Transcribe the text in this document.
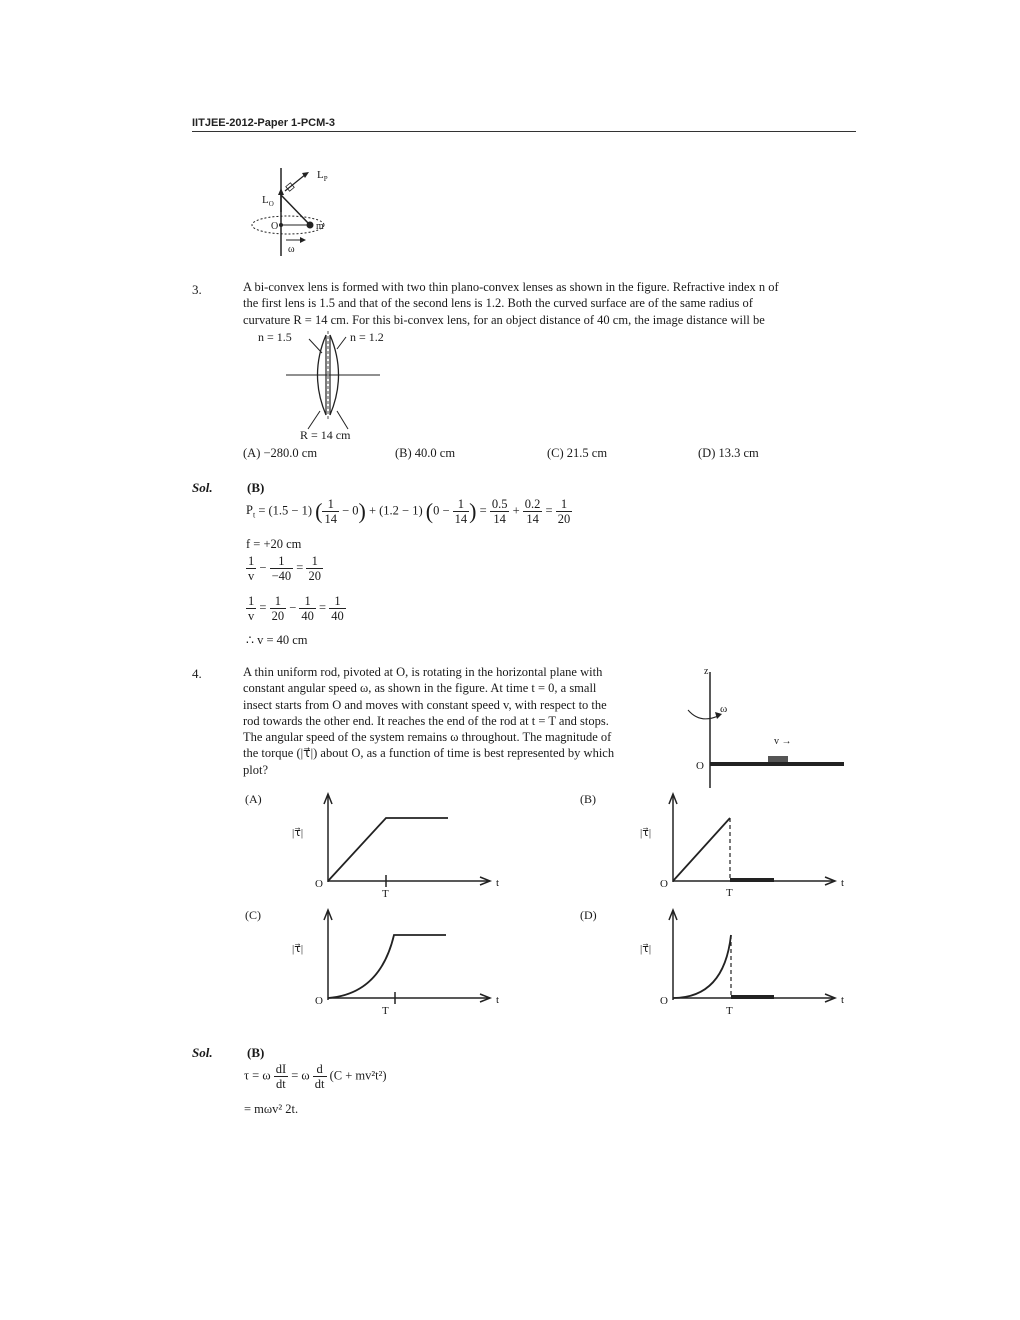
IITJEE-2012-Paper 1-PCM-3
$L_P$
$L_O$
O	m
ω
3.	A bi-convex lens is formed with two thin plano-convex lenses as shown in the figure. Refractive index n of
the first lens is 1.5 and that of the second lens is 1.2. Both the curved surface are of the same radius of
curvature R = 14 cm. For this bi-convex lens, for an object distance of 40 cm, the image distance will be
n = 1.5	n = 1.2
R = 14 cm
(A) −280.0 cm	(B) 40.0 cm	(C) 21.5 cm	(D) 13.3 cm
Sol.	(B)
$P_t = (1.5 - 1)$ ( $\frac{1}{14} - 0) + (1.2 - 1)$ ($0 - \frac{1}{14}$ ) = $\frac{0.5}{14} + \frac{0.2}{14} = \frac{1}{20}$
f = +20 cm
$\frac{1}{v} - \frac{1}{-40} = \frac{1}{20}$
$\frac{1}{v} = \frac{1}{20} - \frac{1}{40} = \frac{1}{40}$
∴ v = 40 cm
4.	A thin uniform rod, pivoted at O, is rotating in the horizontal plane with
constant angular speed ω, as shown in the figure. At time t = 0, a small
insect starts from O and moves with constant speed v, with respect to the
rod towards the other end. It reaches the end of the rod at t = T and stops.
The angular speed of the system remains ω throughout. The magnitude of
the torque (|τ⃗|) about O, as a function of time is best represented by which
plot?
z
ω
v →
O
(A)
|τ⃗|
O
T
t
(B)
|τ⃗|
O
T
t
(C)
|τ⃗|
O
T
t
(D)
|τ⃗|
O
T
t
Sol.	(B)
τ = ω $\frac{dI}{dt} = \omega \frac{d}{dt} (C + mv^2t^2)$
= mωv² 2t.
